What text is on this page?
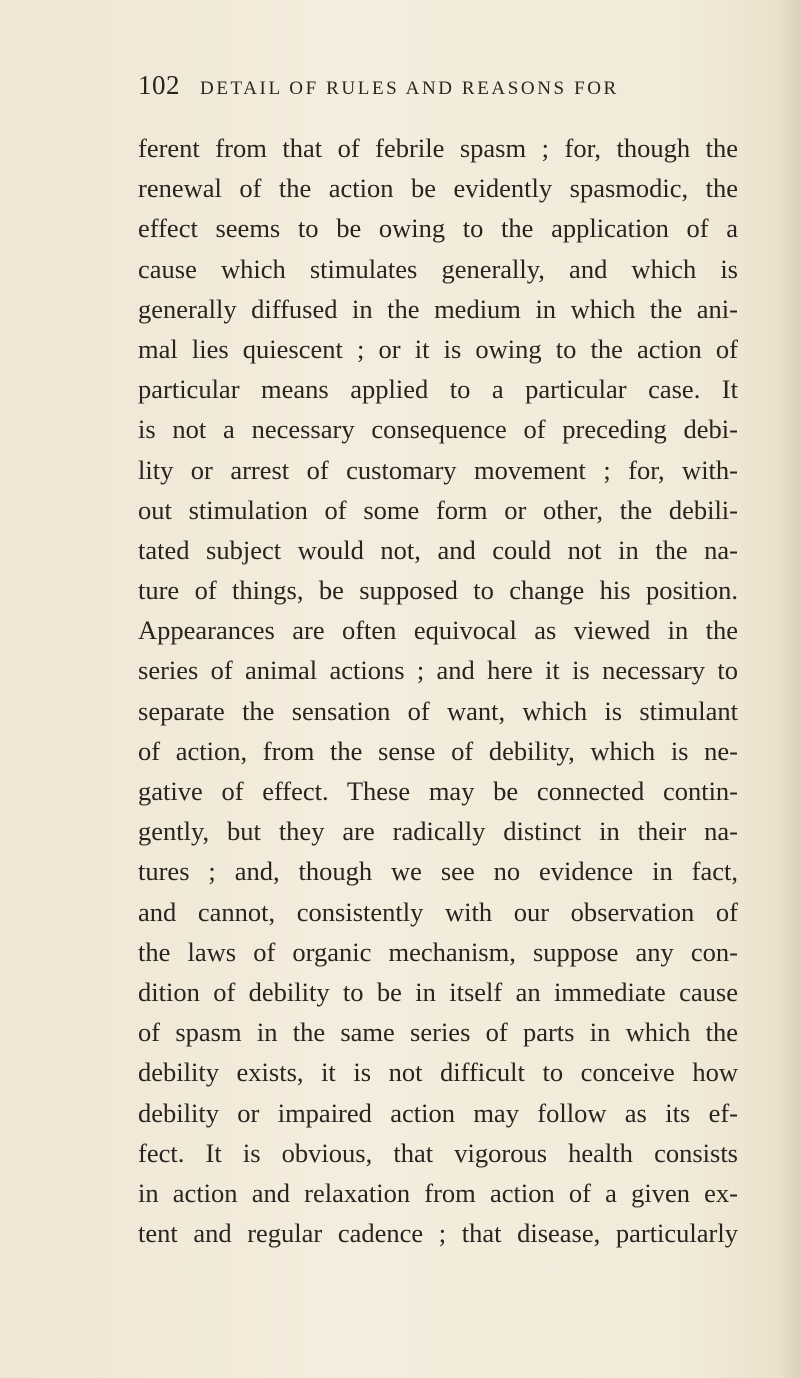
102 DETAIL OF RULES AND REASONS FOR
ferent from that of febrile spasm ; for, though the
renewal of the action be evidently spasmodic, the
effect seems to be owing to the application of a
cause which stimulates generally, and which is
generally diffused in the medium in which the ani-
mal lies quiescent ; or it is owing to the action of
particular means applied to a particular case. It
is not a necessary consequence of preceding debi-
lity or arrest of customary movement ; for, with-
out stimulation of some form or other, the debili-
tated subject would not, and could not in the na-
ture of things, be supposed to change his position.
Appearances are often equivocal as viewed in the
series of animal actions ; and here it is necessary to
separate the sensation of want, which is stimulant
of action, from the sense of debility, which is ne-
gative of effect. These may be connected contin-
gently, but they are radically distinct in their na-
tures ; and, though we see no evidence in fact,
and cannot, consistently with our observation of
the laws of organic mechanism, suppose any con-
dition of debility to be in itself an immediate cause
of spasm in the same series of parts in which the
debility exists, it is not difficult to conceive how
debility or impaired action may follow as its ef-
fect. It is obvious, that vigorous health consists
in action and relaxation from action of a given ex-
tent and regular cadence ; that disease, particularly
